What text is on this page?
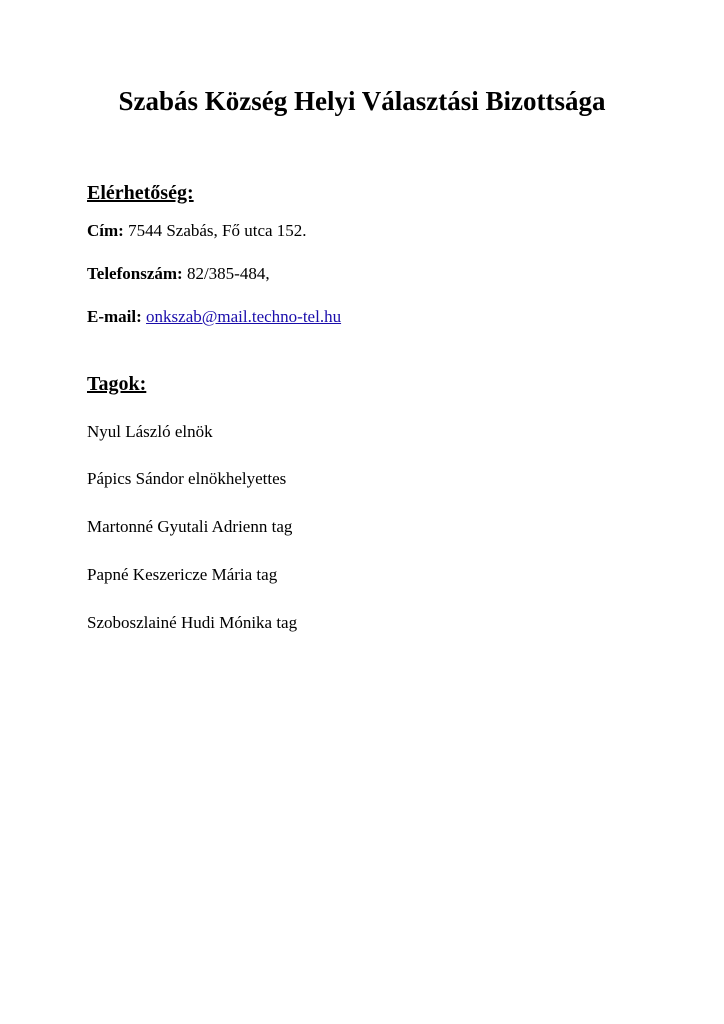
Szabás Község Helyi Választási Bizottsága
Elérhetőség:

Cím: 7544 Szabás, Fő utca 152.

Telefonszám: 82/385-484,

E-mail: onkszab@mail.techno-tel.hu

Tagok:

Nyul László elnök

Pápics Sándor elnökhelyettes

Martonné Gyutali Adrienn tag

Papné Keszericze Mária tag

Szoboszlainé Hudi Mónika tag
